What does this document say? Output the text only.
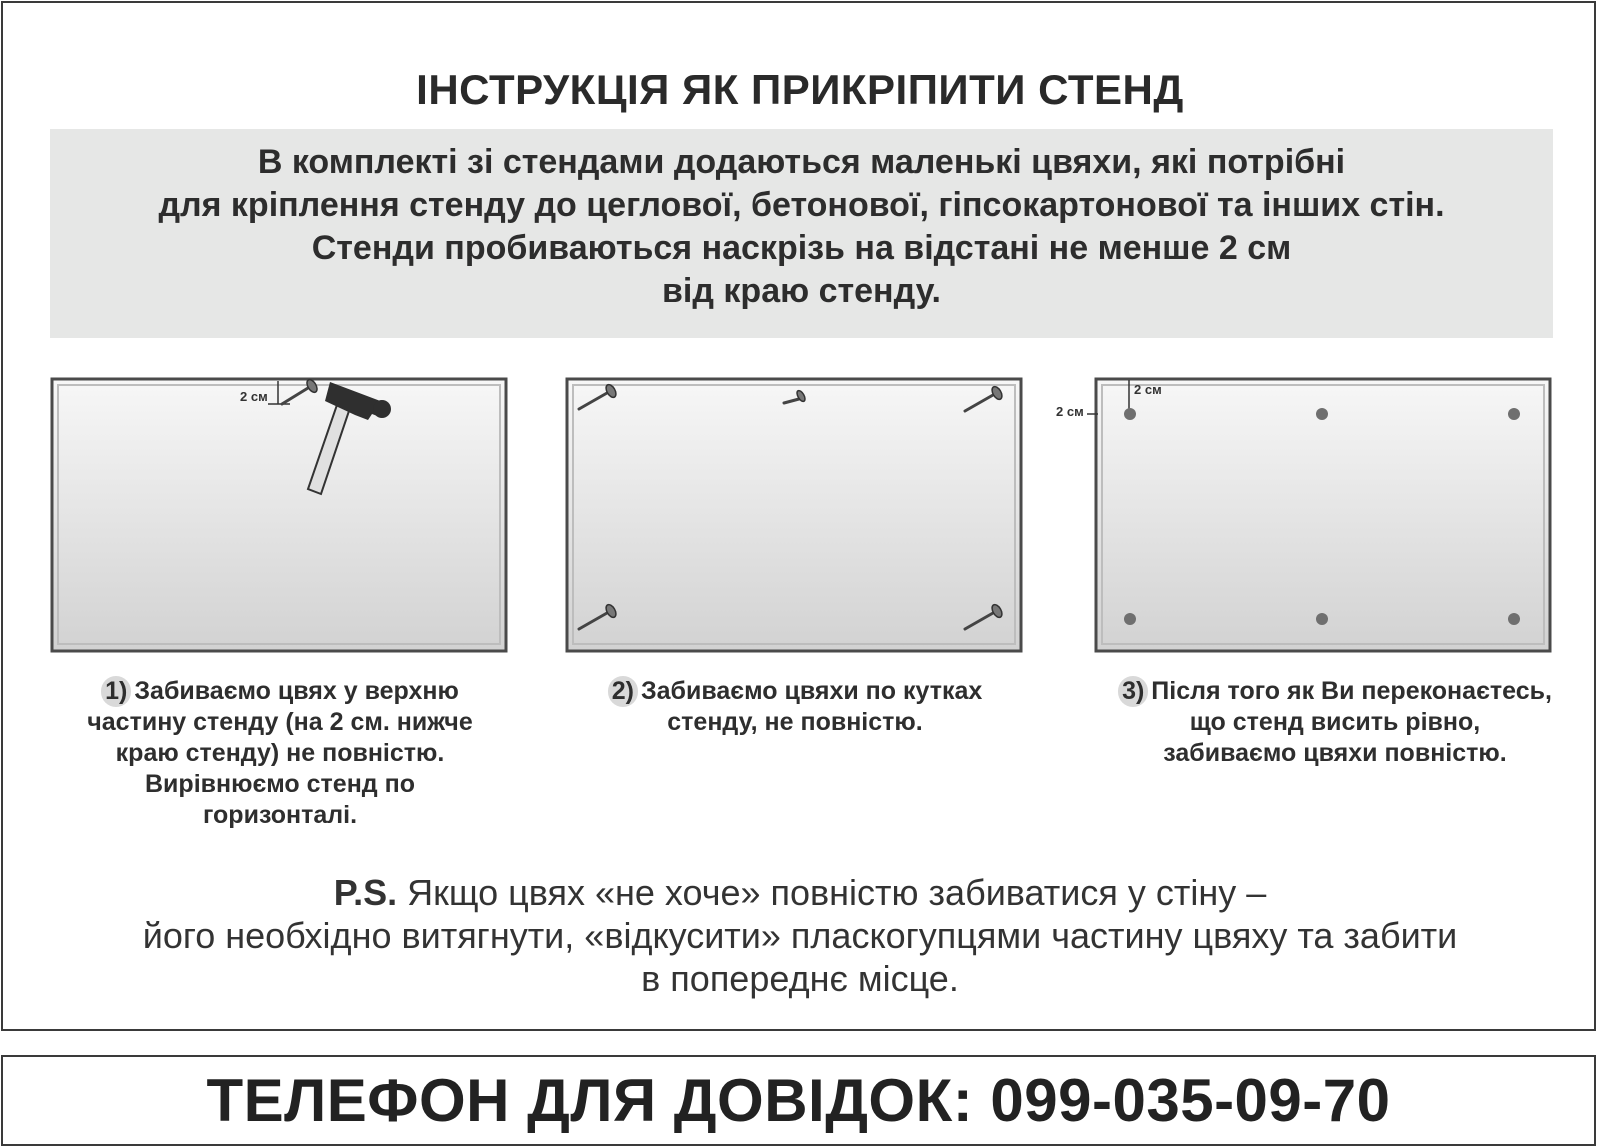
ІНСТРУКЦІЯ ЯК ПРИКРІПИТИ СТЕНД
В комплекті зі стендами додаються маленькі цвяхи, які потрібні
для кріплення стенду до цеглової, бетонової, гіпсокартонової та інших стін.
Стенди пробиваються наскрізь на відстані не менше 2 см
від краю стенду.
2 см	2 см
2 см
1) Забиваємо цвях у верхню
частину стенду (на 2 см. нижче
краю стенду) не повністю.
Вирівнюємо стенд по
горизонталі.
2) Забиваємо цвяхи по кутках
стенду, не повністю.
3) Після того як Ви переконаєтесь,
що стенд висить рівно,
забиваємо цвяхи повністю.
P.S. Якщо цвях «не хоче» повністю забиватися у стіну –
його необхідно витягнути, «відкусити» пласкогупцями частину цвяху та забити
в попереднє місце.
ТЕЛЕФОН ДЛЯ ДОВІДОК: 099-035-09-70
